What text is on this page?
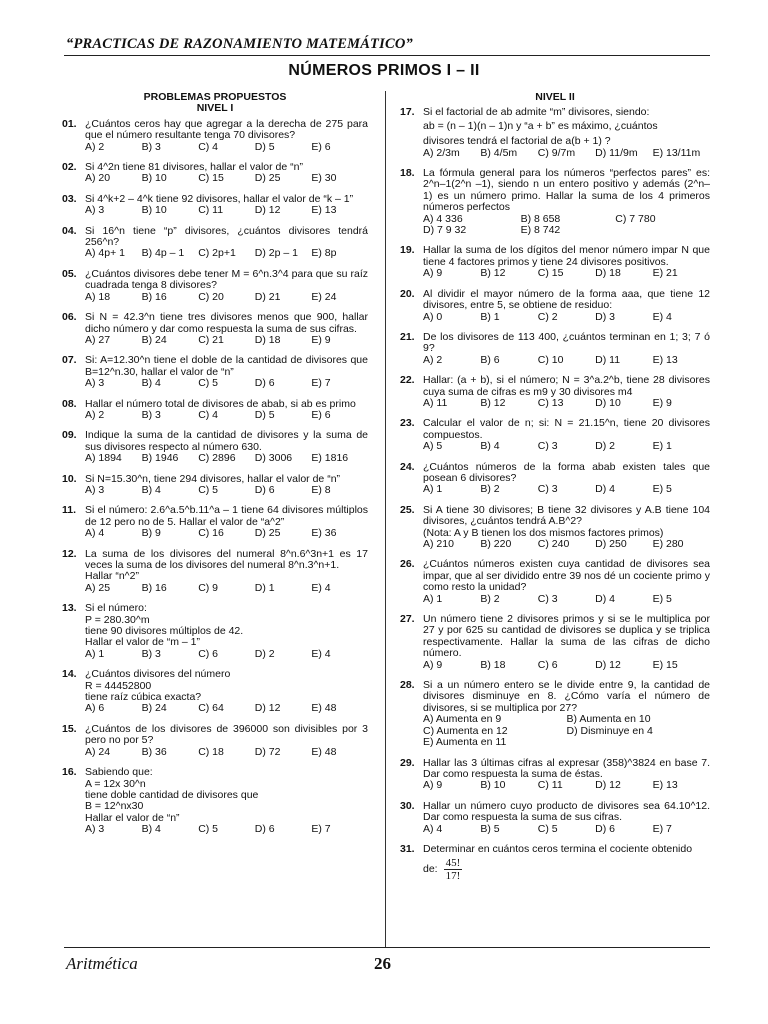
“PRACTICAS DE RAZONAMIENTO MATEMÁTICO”
NÚMEROS PRIMOS I – II
PROBLEMAS PROPUESTOS
NIVEL I
01. ¿Cuántos ceros hay que agregar a la derecha de 275 para que el número resultante tenga 70 divisores?

A) 2	B) 3	C) 4	D) 5	E) 6
02. Si 4^2n tiene 81 divisores, hallar el valor de “n”

A) 20	B) 10	C) 15	D) 25	E) 30
03. Si 4^k+2 – 4^k tiene 92 divisores, hallar el valor de “k – 1”

A) 3	B) 10	C) 11	D) 12	E) 13
04. Si 16^n tiene “p” divisores, ¿cuántos divisores tendrá 256^n?

A) 4p+ 1	B) 4p – 1	C) 2p+1	D) 2p – 1	E) 8p
05. ¿Cuántos divisores debe tener M = 6^n.3^4 para que su raíz cuadrada tenga 8 divisores?

A) 18	B) 16	C) 20	D) 21	E) 24
06. Si N = 42.3^n tiene tres divisores menos que 900, hallar dicho número y dar como respuesta la suma de sus cifras.

A) 27	B) 24	C) 21	D) 18	E) 9
07. Si: A=12.30^n tiene el doble de la cantidad de divisores que B=12^n.30, hallar el valor de “n”

A) 3	B) 4	C) 5	D) 6	E) 7
08. Hallar el número total de divisores de abab, si ab es primo

A) 2	B) 3	C) 4	D) 5	E) 6
09. Indique la suma de la cantidad de divisores y la suma de sus divisores respecto al número 630.

A) 1894	B) 1946	C) 2896	D) 3006	E) 1816
10. Si N=15.30^n, tiene 294 divisores, hallar el valor de “n”

A) 3	B) 4	C) 5	D) 6	E) 8
11. Si el número: 2.6^a.5^b.11^a – 1 tiene 64 divisores múltiplos de 12 pero no de 5. Hallar el valor de “a^2”

A) 4	B) 9	C) 16	D) 25	E) 36
12. La suma de los divisores del numeral 8^n.6^3n+1 es 17 veces la suma de los divisores del numeral 8^n.3^n+1.

Hallar “n^2”

A) 25	B) 16	C) 9	D) 1	E) 4
13. Si el número:

P = 280.30^m

tiene 90 divisores múltiplos de 42.

Hallar el valor de “m – 1”

A) 1	B) 3	C) 6	D) 2	E) 4
14. ¿Cuántos divisores del número

R = 44452800

tiene raíz cúbica exacta?

A) 6	B) 24	C) 64	D) 12	E) 48
15. ¿Cuántos de los divisores de 396000 son divisibles por 3 pero no por 5?

A) 24	B) 36	C) 18	D) 72	E) 48
16. Sabiendo que:

A = 12x 30^n

tiene doble cantidad de divisores que

B = 12^nx30

Hallar el valor de “n”

A) 3	B) 4	C) 5	D) 6	E) 7
NIVEL II
17. Si el factorial de ab admite “m” divisores, siendo:

ab = (n – 1)(n – 1)n y “a + b” es máximo, ¿cuántos

divisores tendrá el factorial de a(b + 1) ?

A) 2/3m	B) 4/5m	C) 9/7m	D) 11/9m	E) 13/11m
18. La fórmula general para los números “perfectos pares” es: 2^n–1(2^n –1), siendo n un entero positivo y además (2^n– 1) es un número primo. Hallar la suma de los 4 primeros números perfectos

A) 4 336	B) 8 658	C) 7 780
D) 7 9 32	E) 8 742
19. Hallar la suma de los dígitos del menor número impar N que tiene 4 factores primos y tiene 24 divisores positivos.

A) 9	B) 12	C) 15	D) 18	E) 21
20. Al dividir el mayor número de la forma aaa, que tiene 12 divisores, entre 5, se obtiene de residuo:

A) 0	B) 1	C) 2	D) 3	E) 4
21. De los divisores de 113 400, ¿cuántos terminan en 1; 3; 7 ó 9?

A) 2	B) 6	C) 10	D) 11	E) 13
22. Hallar: (a + b), si el número; N = 3^a.2^b, tiene 28 divisores cuya suma de cifras es m9 y 30 divisores m4

A) 11	B) 12	C) 13	D) 10	E) 9
23. Calcular el valor de n; si: N = 21.15^n, tiene 20 divisores compuestos.

A) 5	B) 4	C) 3	D) 2	E) 1
24. ¿Cuántos números de la forma abab existen tales que posean 6 divisores?

A) 1	B) 2	C) 3	D) 4	E) 5
25. Si A tiene 30 divisores; B tiene 32 divisores y A.B tiene 104 divisores, ¿cuántos tendrá A.B^2?

(Nota: A y B tienen los dos mismos factores primos)

A) 210	B) 220	C) 240	D) 250	E) 280
26. ¿Cuántos números existen cuya cantidad de divisores sea impar, que al ser dividido entre 39 nos dé un cociente primo y como resto la unidad?

A) 1	B) 2	C) 3	D) 4	E) 5
27. Un número tiene 2 divisores primos y si se le multiplica por 27 y por 625 su cantidad de divisores se duplica y se triplica respectivamente. Hallar la suma de las cifras de dicho número.

A) 9	B) 18	C) 6	D) 12	E) 15
28. Si a un número entero se le divide entre 9, la cantidad de divisores disminuye en 8. ¿Cómo varía el número de divisores, si se multiplica por 27?

A) Aumenta en 9	B) Aumenta en 10
C) Aumenta en 12	D) Disminuye en 4
E) Aumenta en 11
29. Hallar las 3 últimas cifras al expresar (358)^3824 en base 7. Dar como respuesta la suma de éstas.

A) 9	B) 10	C) 11	D) 12	E) 13
30. Hallar un número cuyo producto de divisores sea 64.10^12. Dar como respuesta la suma de sus cifras.

A) 4	B) 5	C) 5	D) 6	E) 7
31. Determinar en cuántos ceros termina el cociente obtenido

de: $\frac{45!}{17!}$
Aritmética	26
